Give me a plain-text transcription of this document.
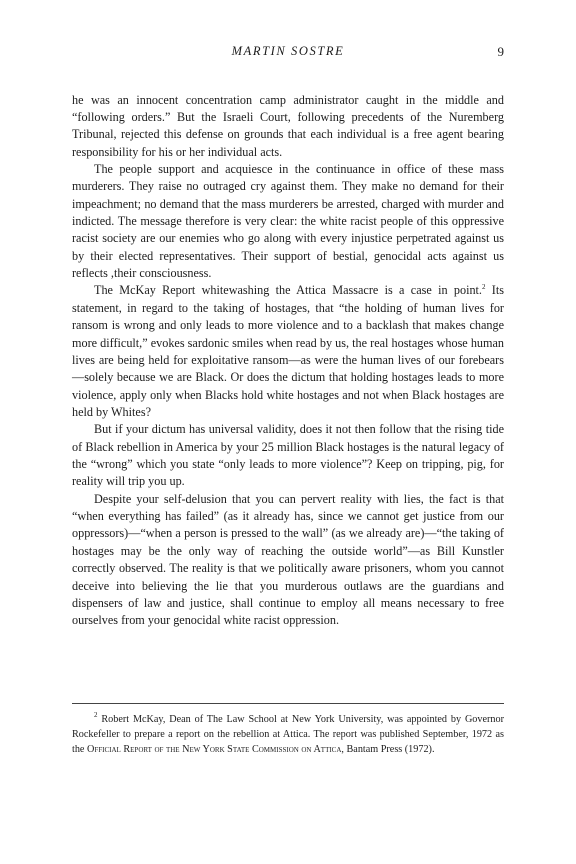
MARTIN SOSTRE	9

he was an innocent concentration camp administrator caught in the middle and “following orders.” But the Israeli Court, following precedents of the Nuremberg Tribunal, rejected this defense on grounds that each individual is a free agent bearing responsibility for his or her individual acts.

The people support and acquiesce in the continuance in office of these mass murderers. They raise no outraged cry against them. They make no demand for their impeachment; no demand that the mass murderers be arrested, charged with murder and indicted. The message therefore is very clear: the white racist people of this oppressive racist society are our enemies who go along with every injustice perpetrated against us by their elected representatives. Their support of bestial, genocidal acts against us reflects ,their consciousness.

The McKay Report whitewashing the Attica Massacre is a case in point.$^2$ Its statement, in regard to the taking of hostages, that “the holding of human lives for ransom is wrong and only leads to more violence and to a backlash that makes change more difficult,” evokes sardonic smiles when read by us, the real hostages whose human lives are being held for exploitative ransom—as were the human lives of our forebears—solely because we are Black. Or does the dictum that holding hostages leads to more violence, apply only when Blacks hold white hostages and not when Black hostages are held by Whites?

But if your dictum has universal validity, does it not then follow that the rising tide of Black rebellion in America by your 25 million Black hostages is the natural legacy of the “wrong” which you state “only leads to more violence”? Keep on tripping, pig, for reality will trip you up.

Despite your self-delusion that you can pervert reality with lies, the fact is that “when everything has failed” (as it already has, since we cannot get justice from our oppressors)—“when a person is pressed to the wall” (as we already are)—“the taking of hostages may be the only way of reaching the outside world”—as Bill Kunstler correctly observed. The reality is that we politically aware prisoners, whom you cannot deceive into believing the lie that you murderous outlaws are the guardians and dispensers of law and justice, shall continue to employ all means necessary to free ourselves from your genocidal white racist oppression.

$^2$ Robert McKay, Dean of The Law School at New York University, was appointed by Governor Rockefeller to prepare a report on the rebellion at Attica. The report was published September, 1972 as the Official Report of the New York State Commission on Attica, Bantam Press (1972).
